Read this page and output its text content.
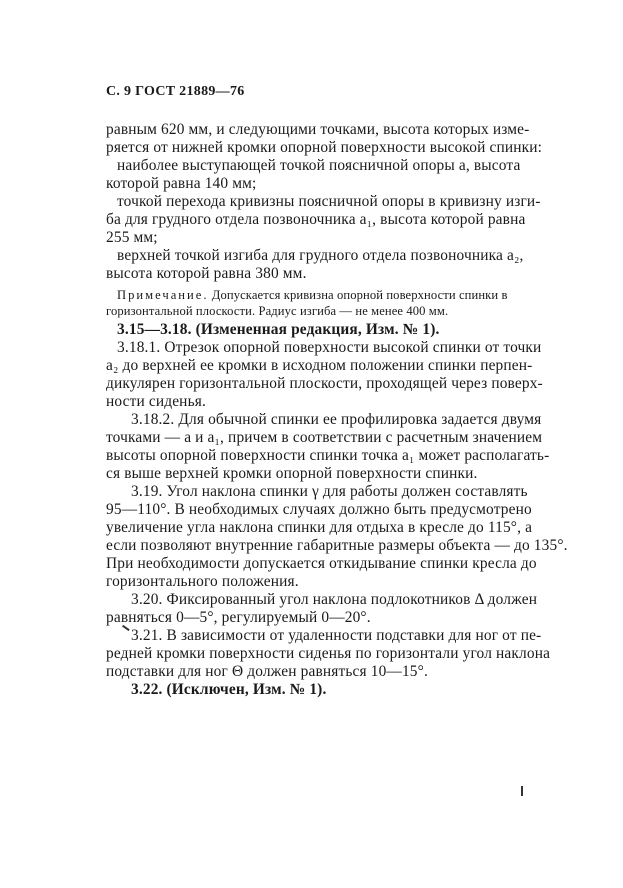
С. 9 ГОСТ 21889—76
равным 620 мм, и следующими точками, высота которых изме-
ряется от нижней кромки опорной поверхности высокой спинки:
наиболее выступающей точкой поясничной опоры а, высота
которой равна 140 мм;
точкой перехода кривизны поясничной опоры в кривизну изги-
ба для грудного отдела позвоночника а₁, высота которой равна
255 мм;
верхней точкой изгиба для грудного отдела позвоночника а₂,
высота которой равна 380 мм.
Примечание. Допускается кривизна опорной поверхности спинки в
горизонтальной плоскости. Радиус изгиба — не менее 400 мм.
3.15—3.18. (Измененная редакция, Изм. № 1).
3.18.1. Отрезок опорной поверхности высокой спинки от точки
а₂ до верхней ее кромки в исходном положении спинки перпен-
дикулярен горизонтальной плоскости, проходящей через поверх-
ности сиденья.
3.18.2. Для обычной спинки ее профилировка задается двумя
точками — а и а₁, причем в соответствии с расчетным значением
высоты опорной поверхности спинки точка а₁ может располагать-
ся выше верхней кромки опорной поверхности спинки.
3.19. Угол наклона спинки γ для работы должен составлять
95—110°. В необходимых случаях должно быть предусмотрено
увеличение угла наклона спинки для отдыха в кресле до 115°, а
если позволяют внутренние габаритные размеры объекта — до 135°.
При необходимости допускается откидывание спинки кресла до
горизонтального положения.
3.20. Фиксированный угол наклона подлокотников Δ должен
равняться 0—5°, регулируемый 0—20°.
3.21. В зависимости от удаленности подставки для ног от пе-
редней кромки поверхности сиденья по горизонтали угол наклона
подставки для ног Θ должен равняться 10—15°.
3.22. (Исключен, Изм. № 1).
